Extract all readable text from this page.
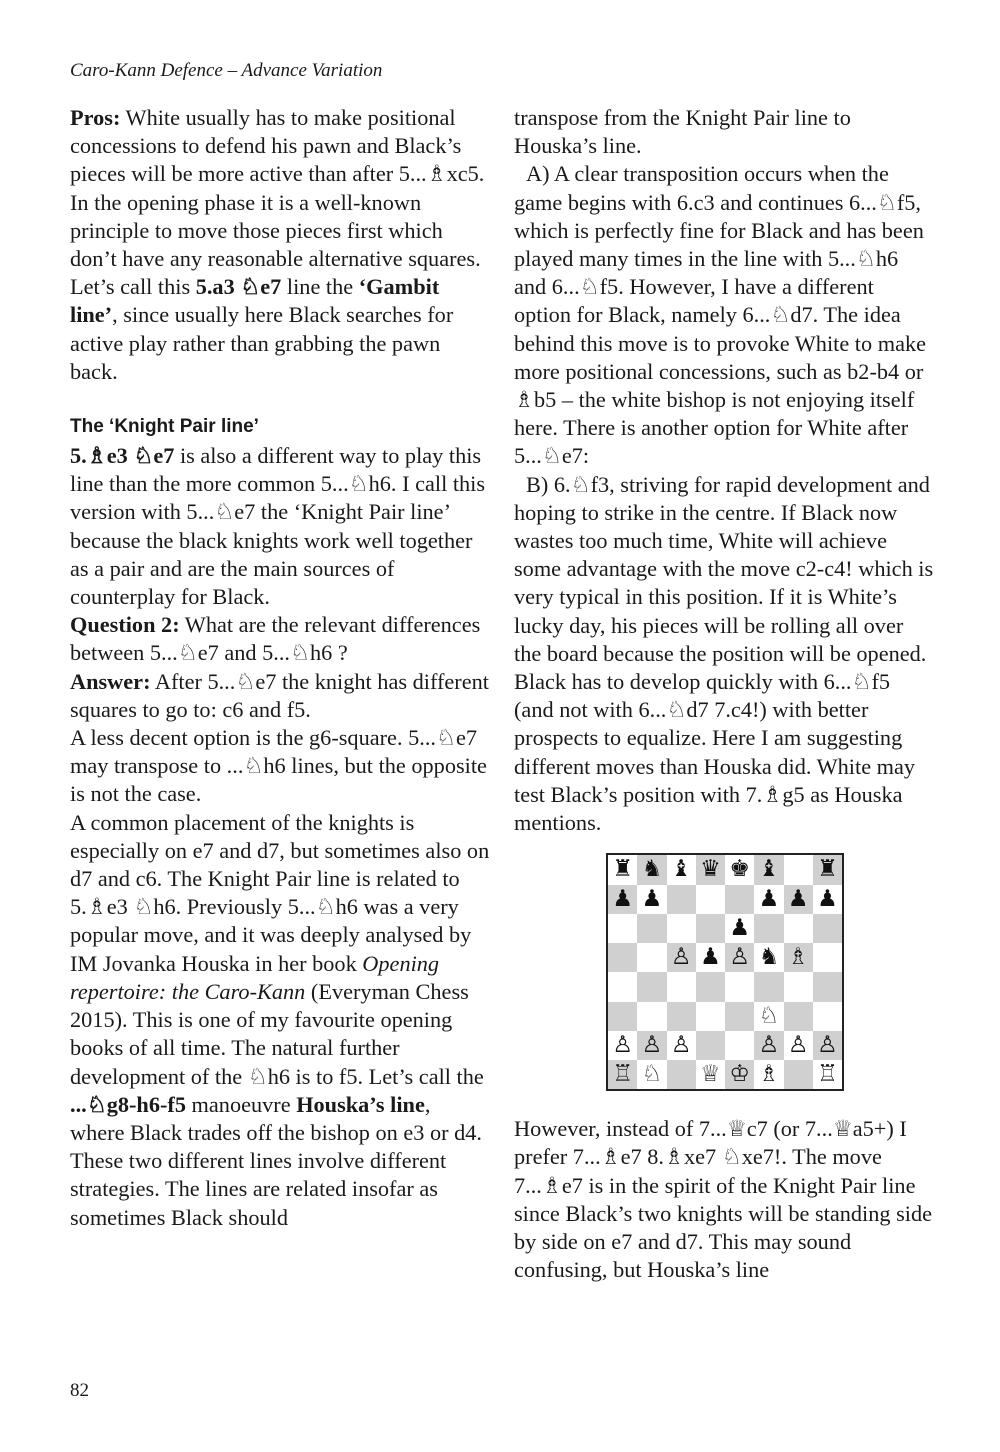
Caro-Kann Defence – Advance Variation

Pros: White usually has to make positional concessions to defend his pawn and Black’s pieces will be more active than after 5...♗xc5.

In the opening phase it is a well-known principle to move those pieces first which don’t have any reasonable alternative squares. Let’s call this 5.a3 ♘e7 line the ‘Gambit line’, since usually here Black searches for active play rather than grabbing the pawn back.

The ‘Knight Pair line’

5.♗e3 ♘e7 is also a different way to play this line than the more common 5...♘h6. I call this version with 5...♘e7 the ‘Knight Pair line’ because the black knights work well together as a pair and are the main sources of counterplay for Black.

Question 2: What are the relevant differences between 5...♘e7 and 5...♘h6 ?

Answer: After 5...♘e7 the knight has different squares to go to: c6 and f5.

A less decent option is the g6-square. 5...♘e7 may transpose to ...♘h6 lines, but the opposite is not the case.

A common placement of the knights is especially on e7 and d7, but sometimes also on d7 and c6. The Knight Pair line is related to 5.♗e3 ♘h6. Previously 5...♘h6 was a very popular move, and it was deeply analysed by IM Jovanka Houska in her book Opening repertoire: the Caro-Kann (Everyman Chess 2015). This is one of my favourite opening books of all time. The natural further development of the ♘h6 is to f5. Let’s call the ...♘g8-h6-f5 manoeuvre Houska’s line, where Black trades off the bishop on e3 or d4.

These two different lines involve different strategies. The lines are related insofar as sometimes Black should

transpose from the Knight Pair line to Houska’s line.

A) A clear transposition occurs when the game begins with 6.c3 and continues 6...♘f5, which is perfectly fine for Black and has been played many times in the line with 5...♘h6 and 6...♘f5. However, I have a different option for Black, namely 6...♘d7. The idea behind this move is to provoke White to make more positional concessions, such as b2-b4 or ♗b5 – the white bishop is not enjoying itself here. There is another option for White after 5...♘e7:

B) 6.♘f3, striving for rapid development and hoping to strike in the centre. If Black now wastes too much time, White will achieve some advantage with the move c2-c4! which is very typical in this position. If it is White’s lucky day, his pieces will be rolling all over the board because the position will be opened. Black has to develop quickly with 6...♘f5 (and not with 6...♘d7 7.c4!) with better prospects to equalize. Here I am suggesting different moves than Houska did. White may test Black’s position with 7.♗g5 as Houska mentions.

♜ ♞ ♝ ♛ ♚ ♝ ♜
♟ ♟	♟ ♟ ♟
♟
♙ ♟ ♙ ♞ ♗
♘
♙ ♙ ♙	♙ ♙ ♙
♖ ♘ ♕ ♔ ♗ ♖

However, instead of 7...♕c7 (or 7...♕a5+) I prefer 7...♗e7 8.♗xe7 ♘xe7!. The move 7...♗e7 is in the spirit of the Knight Pair line since Black’s two knights will be standing side by side on e7 and d7. This may sound confusing, but Houska’s line

82
